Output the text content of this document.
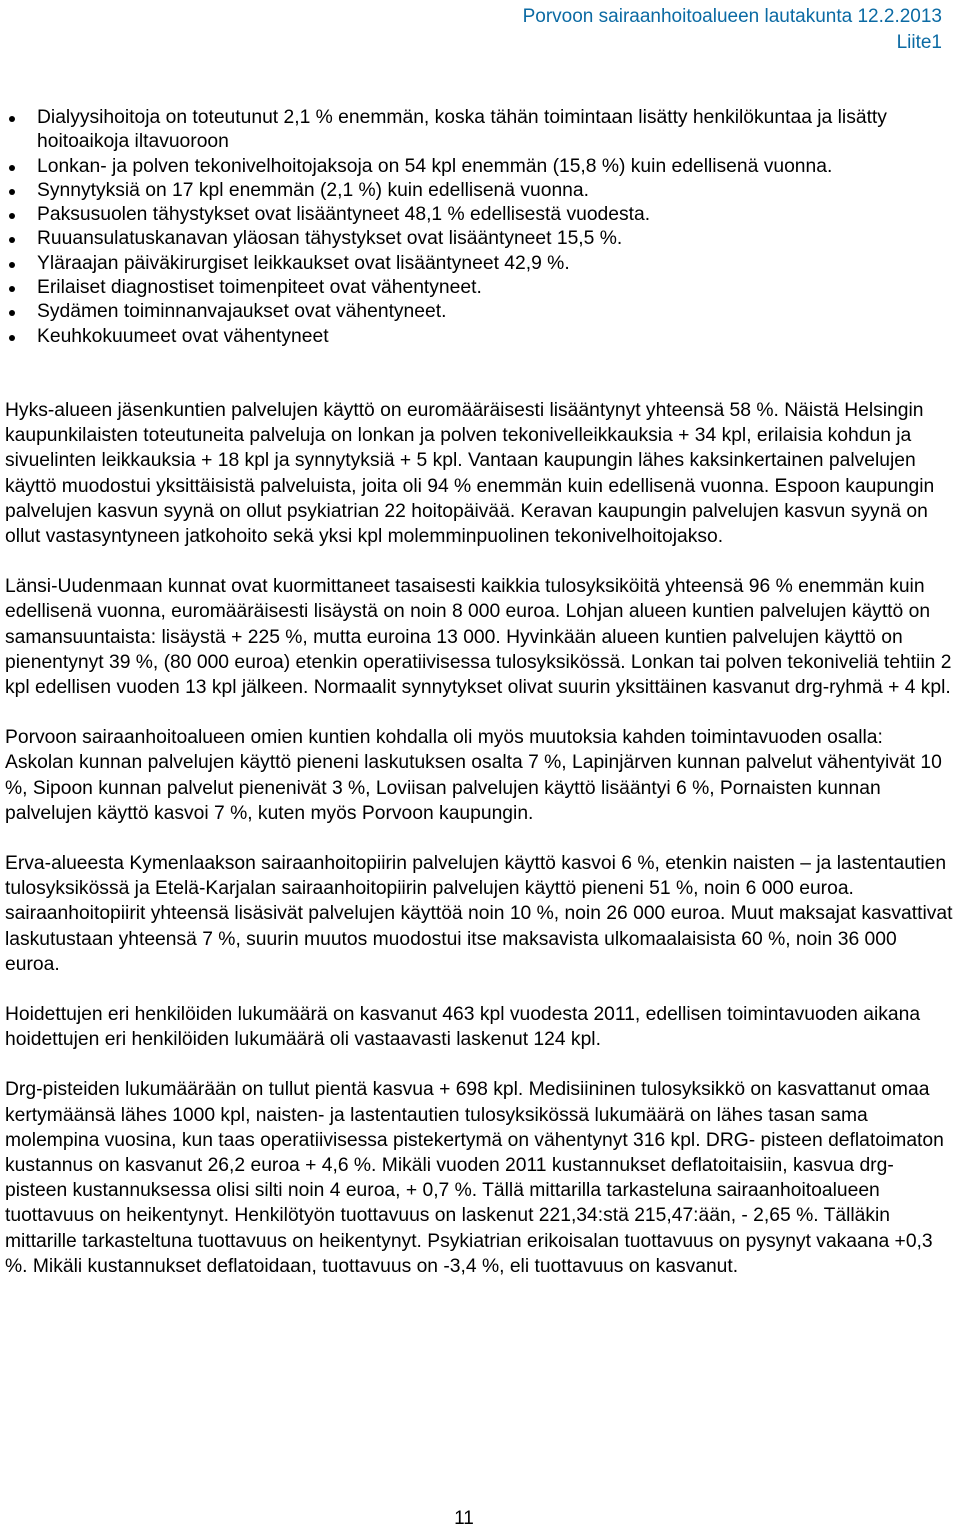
Porvoon sairaanhoitoalueen lautakunta 12.2.2013
Liite1
Dialyysihoitoja on toteutunut 2,1 % enemmän, koska tähän toimintaan lisätty henkilökuntaa ja lisätty hoitoaikoja iltavuoroon
Lonkan- ja polven tekonivelhoitojaksoja on 54 kpl enemmän (15,8 %) kuin edellisenä vuonna.
Synnytyksiä on 17 kpl enemmän (2,1 %) kuin edellisenä vuonna.
Paksusuolen tähystykset ovat lisääntyneet 48,1 % edellisestä vuodesta.
Ruuansulatuskanavan yläosan tähystykset ovat lisääntyneet 15,5 %.
Yläraajan päiväkirurgiset leikkaukset ovat lisääntyneet 42,9 %.
Erilaiset diagnostiset toimenpiteet ovat vähentyneet.
Sydämen toiminnanvajaukset ovat vähentyneet.
Keuhkokuumeet ovat vähentyneet

Hyks-alueen jäsenkuntien palvelujen käyttö on euromääräisesti lisääntynyt yhteensä 58 %. Näistä Helsingin kaupunkilaisten toteutuneita palveluja on lonkan ja polven tekonivelleikkauksia + 34 kpl, erilaisia kohdun ja sivuelinten leikkauksia + 18 kpl ja synnytyksiä + 5 kpl. Vantaan kaupungin lähes kaksinkertainen palvelujen käyttö muodostui yksittäisistä palveluista, joita oli 94 % enemmän kuin edellisenä vuonna. Espoon kaupungin palvelujen kasvun syynä on ollut psykiatrian 22 hoitopäivää. Keravan kaupungin palvelujen kasvun syynä on ollut vastasyntyneen jatkohoito sekä yksi kpl molemminpuolinen tekonivelhoitojakso.

Länsi-Uudenmaan kunnat ovat kuormittaneet tasaisesti kaikkia tulosyksiköitä yhteensä 96 % enemmän kuin edellisenä vuonna, euromääräisesti lisäystä on noin 8 000 euroa. Lohjan alueen kuntien palvelujen käyttö on samansuuntaista: lisäystä + 225 %, mutta euroina 13 000. Hyvinkään alueen kuntien palvelujen käyttö on pienentynyt 39 %, (80 000 euroa) etenkin operatiivisessa tulosyksikössä. Lonkan tai polven tekoniveliä tehtiin 2 kpl edellisen vuoden 13 kpl jälkeen. Normaalit synnytykset olivat suurin yksittäinen kasvanut drg-ryhmä + 4 kpl.

Porvoon sairaanhoitoalueen omien kuntien kohdalla oli myös muutoksia kahden toimintavuoden osalla: Askolan kunnan palvelujen käyttö pieneni laskutuksen osalta 7 %, Lapinjärven kunnan palvelut vähentyivät 10 %, Sipoon kunnan palvelut pienenivät 3 %, Loviisan palvelujen käyttö lisääntyi 6 %, Pornaisten kunnan palvelujen käyttö kasvoi 7 %, kuten myös Porvoon kaupungin.

Erva-alueesta Kymenlaakson sairaanhoitopiirin palvelujen käyttö kasvoi 6 %, etenkin naisten – ja lastentautien tulosyksikössä ja Etelä-Karjalan sairaanhoitopiirin palvelujen käyttö pieneni 51 %, noin 6 000 euroa. sairaanhoitopiirit yhteensä lisäsivät palvelujen käyttöä noin 10 %, noin 26 000 euroa. Muut maksajat kasvattivat laskutustaan yhteensä 7 %, suurin muutos muodostui itse maksavista ulkomaalaisista 60 %, noin 36 000 euroa.

Hoidettujen eri henkilöiden lukumäärä on kasvanut 463 kpl vuodesta 2011, edellisen toimintavuoden aikana hoidettujen eri henkilöiden lukumäärä oli vastaavasti laskenut 124 kpl.

Drg-pisteiden lukumäärään on tullut pientä kasvua + 698 kpl. Medisiininen tulosyksikkö on kasvattanut omaa kertymäänsä lähes 1000 kpl, naisten- ja lastentautien tulosyksikössä lukumäärä on lähes tasan sama molempina vuosina, kun taas operatiivisessa pistekertymä on vähentynyt 316 kpl. DRG- pisteen deflatoimaton kustannus on kasvanut 26,2 euroa + 4,6 %. Mikäli vuoden 2011 kustannukset deflatoitaisiin, kasvua drg-pisteen kustannuksessa olisi silti noin 4 euroa, + 0,7 %. Tällä mittarilla tarkasteluna sairaanhoitoalueen tuottavuus on heikentynyt. Henkilötyön tuottavuus on laskenut 221,34:stä 215,47:ään, - 2,65 %. Tälläkin mittarille tarkasteltuna tuottavuus on heikentynyt. Psykiatrian erikoisalan tuottavuus on pysynyt vakaana +0,3 %. Mikäli kustannukset deflatoidaan, tuottavuus on -3,4 %, eli tuottavuus on kasvanut.

11
